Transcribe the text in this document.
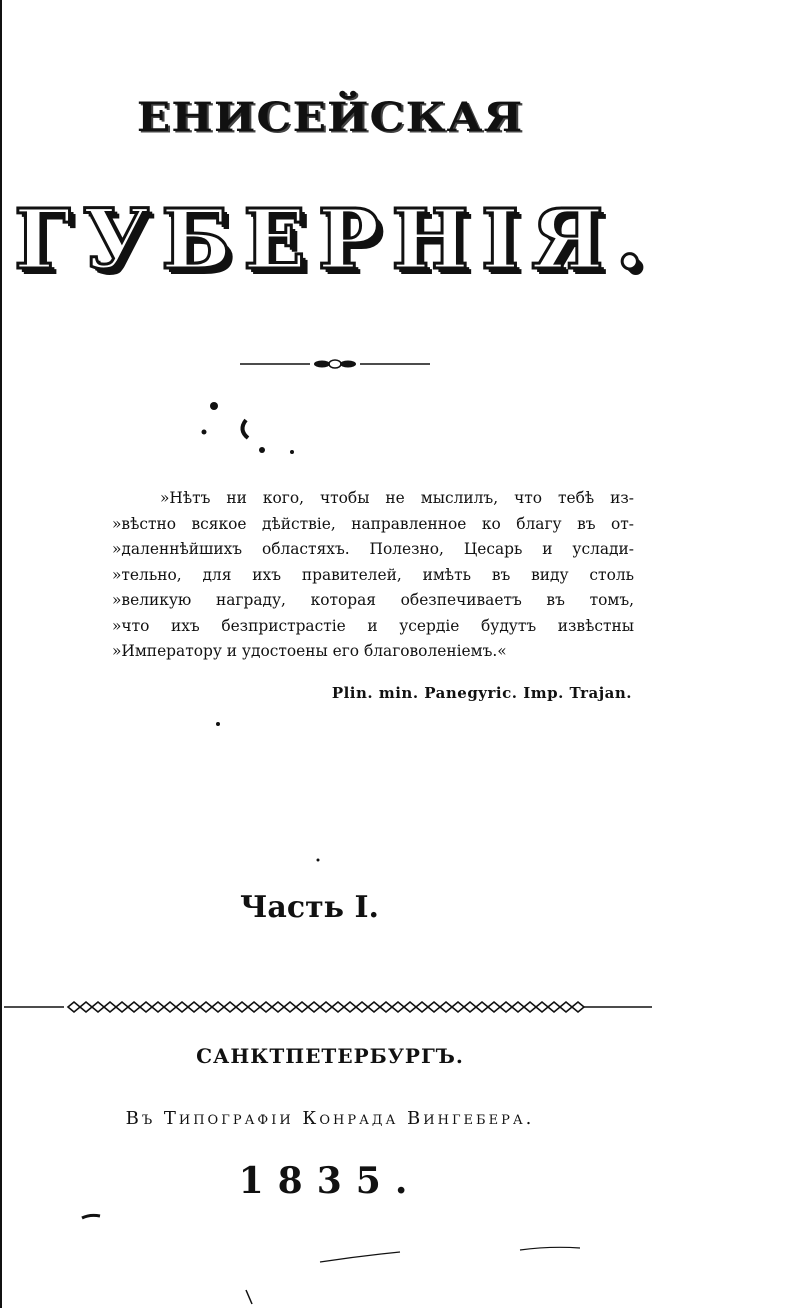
ЕНИСЕЙСКАЯ
ГУБЕРНІЯ.
»Нѣтъ ни кого, чтобы не мыслилъ, что тебѣ из-
»вѣстно всякое дѣйствіе, направленное ко благу въ от-
»даленнѣйшихъ областяхъ. Полезно, Цесарь и услади-
»тельно, для ихъ правителей, имѣть въ виду столь
»великую награду, которая обезпечиваетъ въ томъ,
»что ихъ безпристрастіе и усердіе будутъ извѣстны
»Императору и удостоены его благоволеніемъ.«
Plin. min. Panegyric. Imp. Trajan.
Часть I.
САНКТПЕТЕРБУРГЪ.
Въ Типографіи Конрада Вингебера.
1835.
